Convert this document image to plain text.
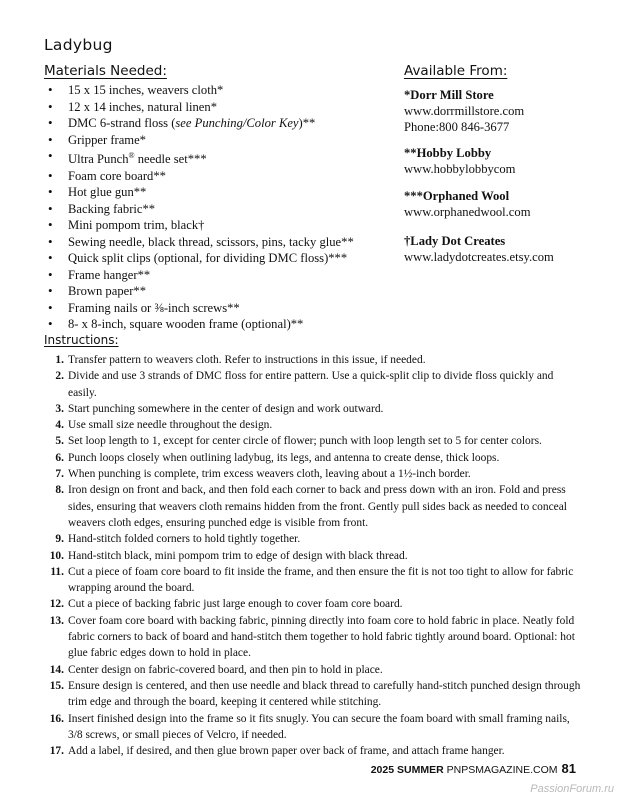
Ladybug
Materials Needed:
• 15 x 15 inches, weavers cloth*
• 12 x 14 inches, natural linen*
• DMC 6-strand floss (see Punching/Color Key)**
• Gripper frame*
• Ultra Punch® needle set***
• Foam core board**
• Hot glue gun**
• Backing fabric**
• Mini pompom trim, black†
• Sewing needle, black thread, scissors, pins, tacky glue**
• Quick split clips (optional, for dividing DMC floss)***
• Frame hanger**
• Brown paper**
• Framing nails or ⅜-inch screws**
• 8- x 8-inch, square wooden frame (optional)**
Available From:
*Dorr Mill Store
www.dorrmillstore.com
Phone:800 846-3677
**Hobby Lobby
www.hobbylobbycom
***Orphaned Wool
www.orphanedwool.com
†Lady Dot Creates
www.ladydotcreates.etsy.com
Instructions:
1. Transfer pattern to weavers cloth. Refer to instructions in this issue, if needed.
2. Divide and use 3 strands of DMC floss for entire pattern. Use a quick-split clip to divide floss quickly and easily.
3. Start punching somewhere in the center of design and work outward.
4. Use small size needle throughout the design.
5. Set loop length to 1, except for center circle of flower; punch with loop length set to 5 for center colors.
6. Punch loops closely when outlining ladybug, its legs, and antenna to create dense, thick loops.
7. When punching is complete, trim excess weavers cloth, leaving about a 1½-inch border.
8. Iron design on front and back, and then fold each corner to back and press down with an iron. Fold and press sides, ensuring that weavers cloth remains hidden from the front. Gently pull sides back as needed to conceal weavers cloth edges, ensuring punched edge is visible from front.
9. Hand-stitch folded corners to hold tightly together.
10. Hand-stitch black, mini pompom trim to edge of design with black thread.
11. Cut a piece of foam core board to fit inside the frame, and then ensure the fit is not too tight to allow for fabric wrapping around the board.
12. Cut a piece of backing fabric just large enough to cover foam core board.
13. Cover foam core board with backing fabric, pinning directly into foam core to hold fabric in place. Neatly fold fabric corners to back of board and hand-stitch them together to hold fabric tightly around board. Optional: hot glue fabric edges down to hold in place.
14. Center design on fabric-covered board, and then pin to hold in place.
15. Ensure design is centered, and then use needle and black thread to carefully hand-stitch punched design through trim edge and through the board, keeping it centered while stitching.
16. Insert finished design into the frame so it fits snugly. You can secure the foam board with small framing nails, 3/8 screws, or small pieces of Velcro, if needed.
17. Add a label, if desired, and then glue brown paper over back of frame, and attach frame hanger.
2025 SUMMER PNPSMAGAZINE.COM 81
PassionForum.ru
